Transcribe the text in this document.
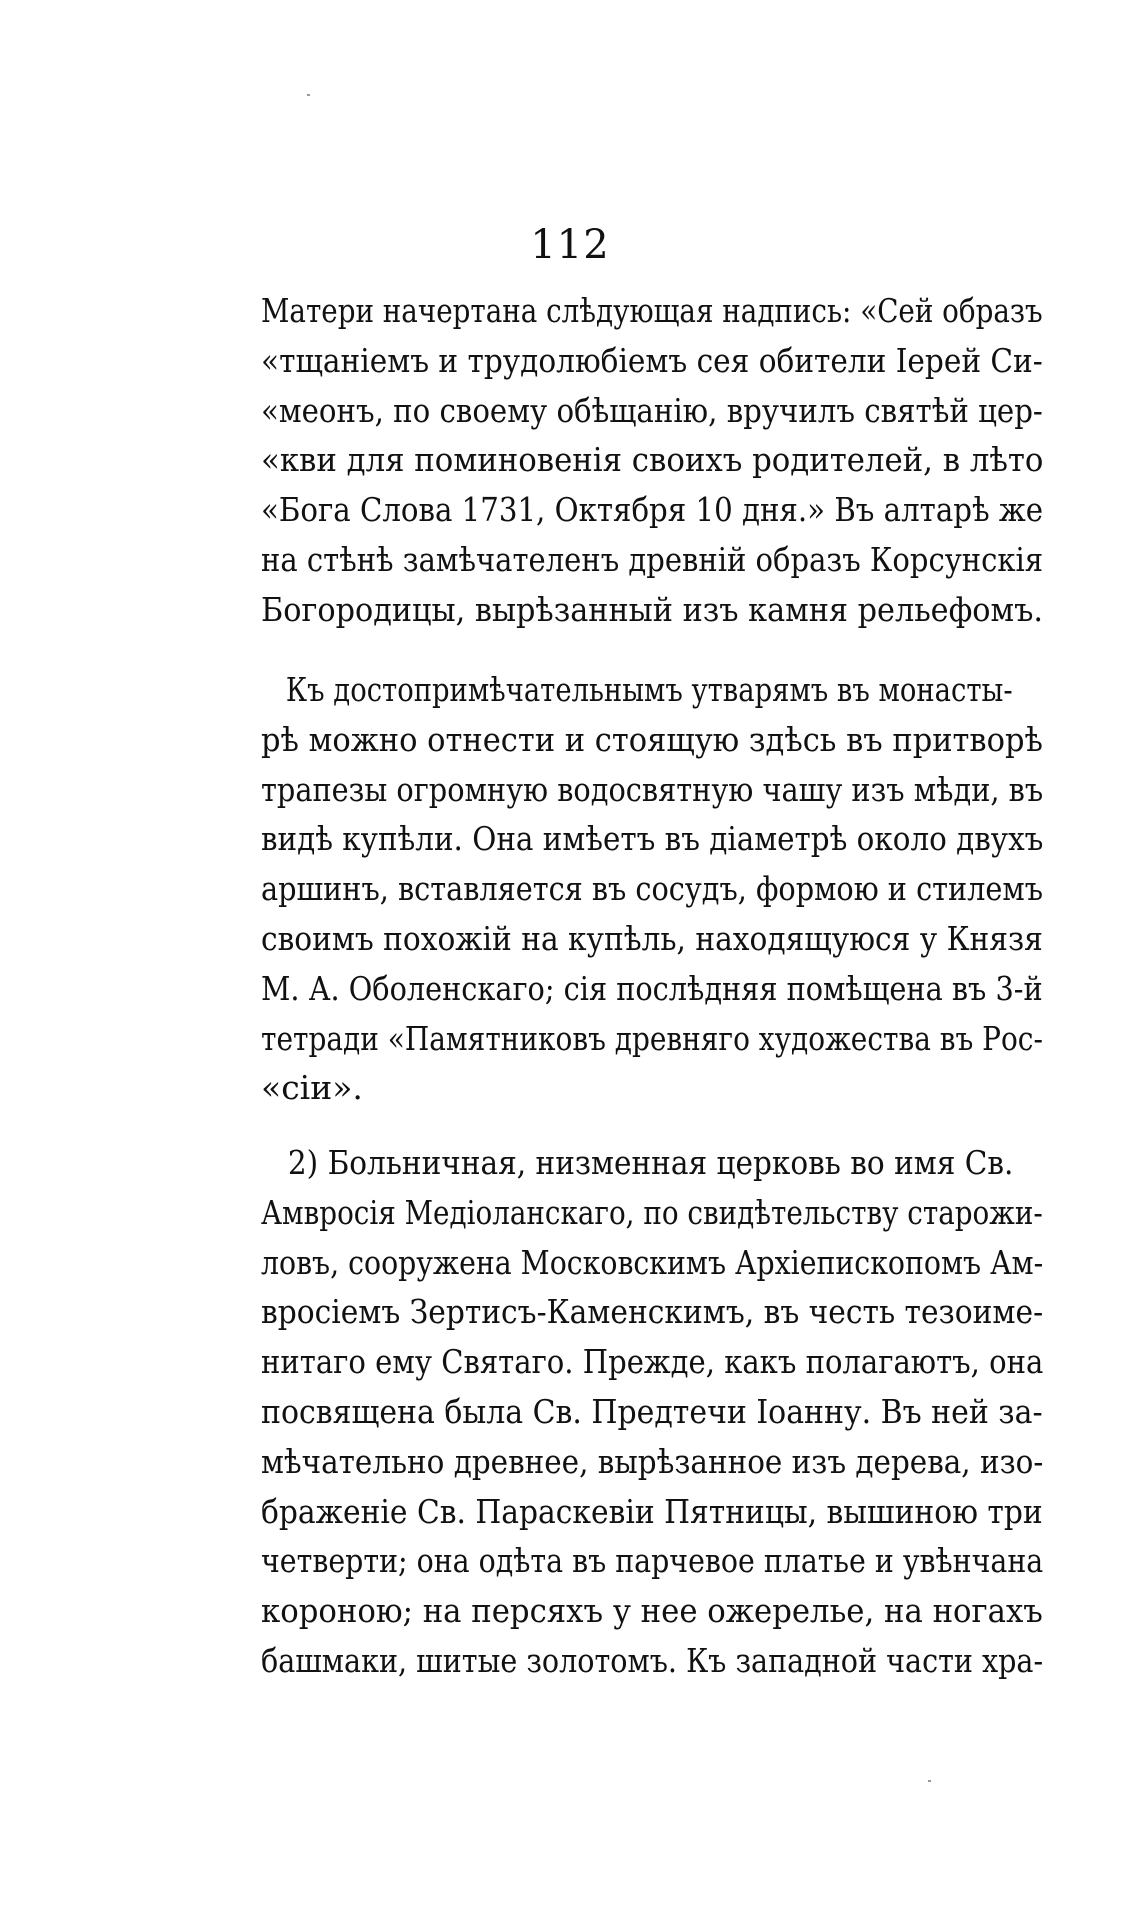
112
Матери начертана слѣдующая надпись: «Сей образъ
«тщаніемъ и трудолюбіемъ сея обители Іерей Си-
«меонъ, по своему обѣщанію, вручилъ святѣй цер-
«кви для поминовенія своихъ родителей, в лѣто
«Бога Слова 1731, Октября 10 дня.» Въ алтарѣ же
на стѣнѣ замѣчателенъ древній образъ Корсунскія
Богородицы, вырѣзанный изъ камня рельефомъ.
Къ достопримѣчательнымъ утварямъ въ монасты-
рѣ можно отнести и стоящую здѣсь въ притворѣ
трапезы огромную водосвятную чашу изъ мѣди, въ
видѣ купѣли. Она имѣетъ въ діаметрѣ около двухъ
аршинъ, вставляется въ сосудъ, формою и стилемъ
своимъ похожій на купѣль, находящуюся у Князя
М. А. Оболенскаго; сія послѣдняя помѣщена въ 3-й
тетради «Памятниковъ древняго художества въ Рос-
«сіи».
2) Больничная, низменная церковь во имя Св.
Амвросія Медіоланскаго, по свидѣтельству старожи-
ловъ, сооружена Московскимъ Архіепископомъ Ам-
вросіемъ Зертисъ-Каменскимъ, въ честь тезоиме-
нитаго ему Святаго. Прежде, какъ полагаютъ, она
посвящена была Св. Предтечи Іоанну. Въ ней за-
мѣчательно древнее, вырѣзанное изъ дерева, изо-
браженіе Св. Параскевіи Пятницы, вышиною три
четверти; она одѣта въ парчевое платье и увѣнчана
короною; на персяхъ у нее ожерелье, на ногахъ
башмаки, шитые золотомъ. Къ западной части хра-
